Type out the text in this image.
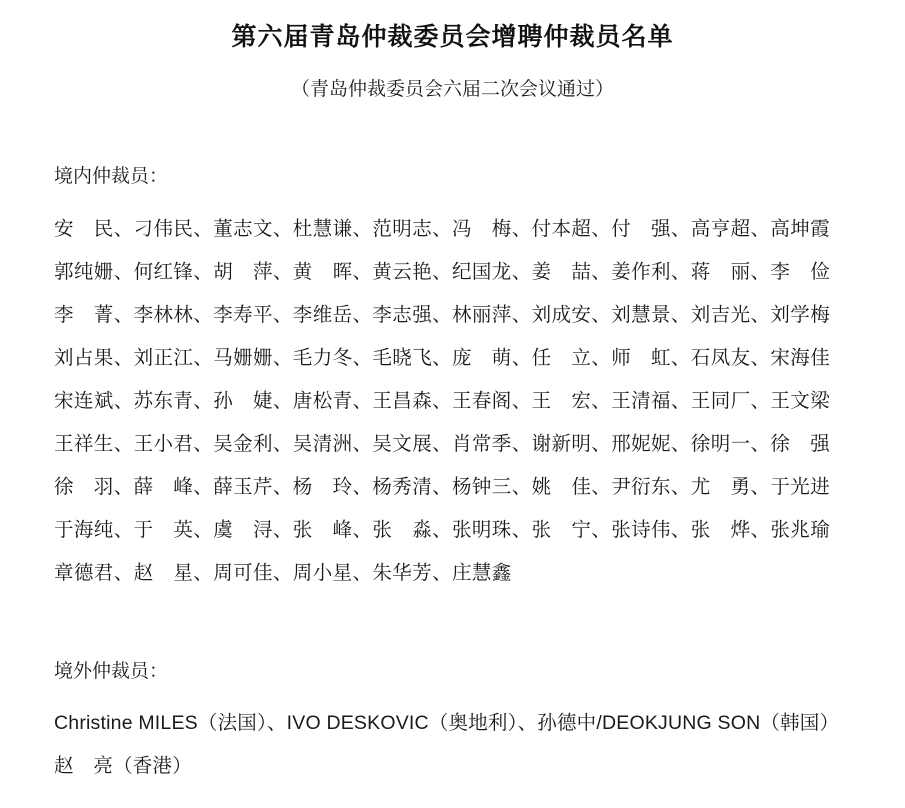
第六届青岛仲裁委员会增聘仲裁员名单
（青岛仲裁委员会六届二次会议通过）
境内仲裁员：
安　民、刁伟民、董志文、杜慧谦、范明志、冯　梅、付本超、付　强、高亨超、高坤霞
郭纯姗、何红锋、胡　萍、黄　晖、黄云艳、纪国龙、姜　喆、姜作利、蒋　丽、李　俭
李　菁、李林林、李寿平、李维岳、李志强、林丽萍、刘成安、刘慧景、刘吉光、刘学梅
刘占果、刘正江、马姗姗、毛力冬、毛晓飞、庞　萌、任　立、师　虹、石凤友、宋海佳
宋连斌、苏东青、孙　婕、唐松青、王昌森、王春阁、王　宏、王清福、王同厂、王文梁
王祥生、王小君、吴金利、吴清洲、吴文展、肖常季、谢新明、邢妮妮、徐明一、徐　强
徐　羽、薛　峰、薛玉芹、杨　玲、杨秀清、杨钟三、姚　佳、尹衍东、尤　勇、于光进
于海纯、于　英、虞　浔、张　峰、张　淼、张明珠、张　宁、张诗伟、张　烨、张兆瑜
章德君、赵　星、周可佳、周小星、朱华芳、庄慧鑫
境外仲裁员：
Christine MILES（法国）、IVO DESKOVIC（奥地利）、孙德中/DEOKJUNG SON（韩国）
赵　亮（香港）
